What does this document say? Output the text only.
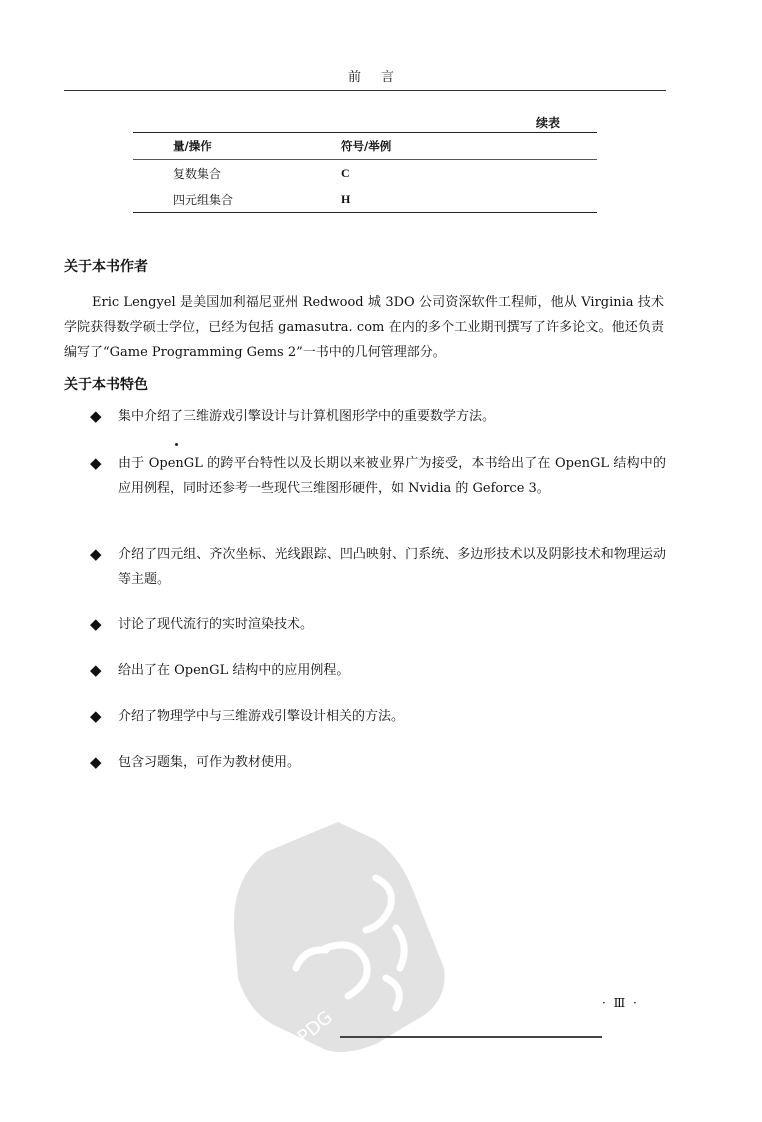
前言
续表
量/操作	符号/举例
复数集合	C
四元组集合	H
关于本书作者

Eric Lengyel 是美国加利福尼亚州 Redwood 城 3DO 公司资深软件工程师，他从 Virginia 技术学院获得数学硕士学位，已经为包括 gamasutra. com 在内的多个工业期刊撰写了许多论文。他还负责编写了“Game Programming Gems 2”一书中的几何管理部分。

关于本书特色
◆ 集中介绍了三维游戏引擎设计与计算机图形学中的重要数学方法。
◆ 由于 OpenGL 的跨平台特性以及长期以来被业界广为接受，本书给出了在 OpenGL 结构中的应用例程，同时还参考一些现代三维图形硬件，如 Nvidia 的 Geforce 3。
◆ 介绍了四元组、齐次坐标、光线跟踪、凹凸映射、门系统、多边形技术以及阴影技术和物理运动等主题。
◆ 讨论了现代流行的实时渲染技术。
◆ 给出了在 OpenGL 结构中的应用例程。
◆ 介绍了物理学中与三维游戏引擎设计相关的方法。
◆ 包含习题集，可作为教材使用。
PDG
· Ⅲ ·
